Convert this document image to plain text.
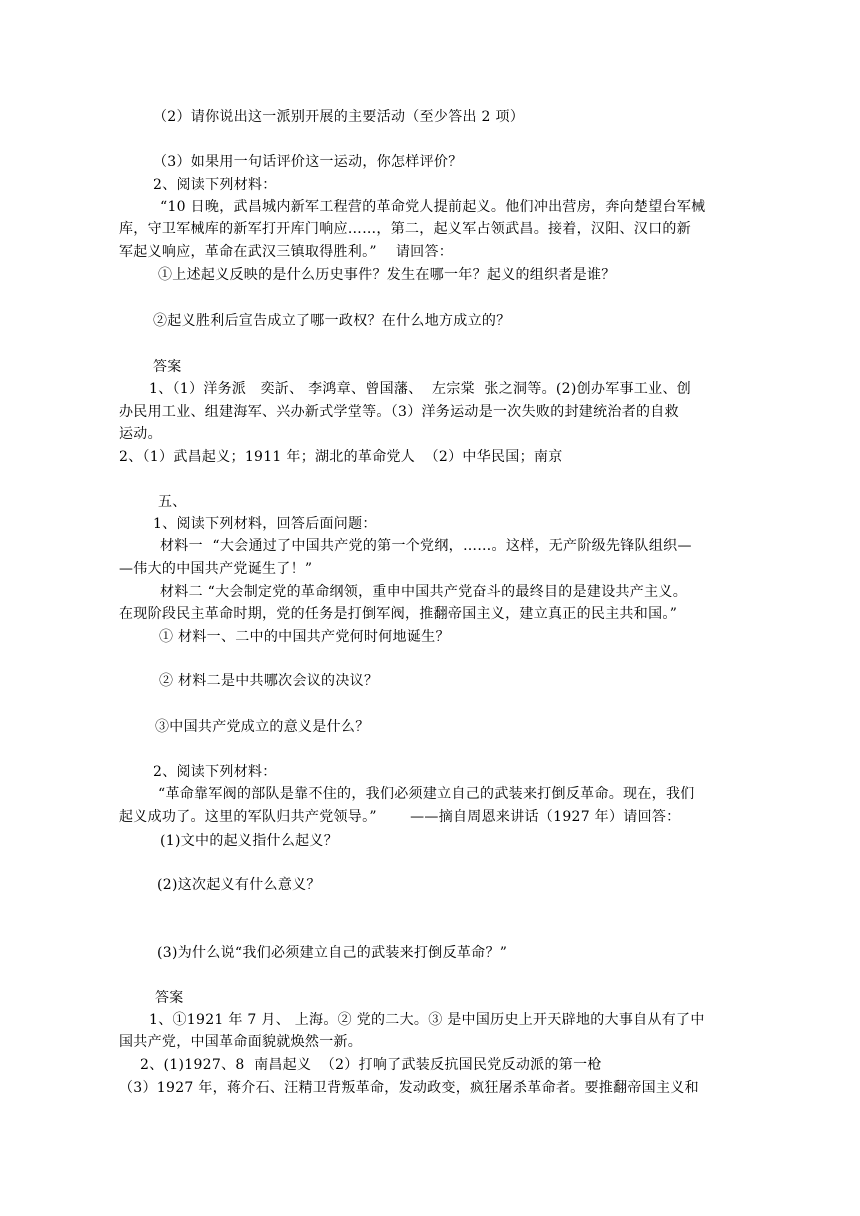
（2）请你说出这一派别开展的主要活动（至少答出 2 项）
（3）如果用一句话评价这一运动，你怎样评价？
2、阅读下列材料：
“10 日晚，武昌城内新军工程营的革命党人提前起义。他们冲出营房，奔向楚望台军械
库，守卫军械库的新军打开库门响应……，第二，起义军占领武昌。接着，汉阳、汉口的新
军起义响应，革命在武汉三镇取得胜利。”    请回答：
①上述起义反映的是什么历史事件？发生在哪一年？起义的组织者是谁？
②起义胜利后宣告成立了哪一政权？在什么地方成立的？
答案
1、（1）洋务派   奕訢、 李鸿章、曾国藩、  左宗棠  张之洞等。(2)创办军事工业、创
办民用工业、组建海军、兴办新式学堂等。（3）洋务运动是一次失败的封建统治者的自救
运动。
2、（1）武昌起义；1911 年；湖北的革命党人  （2）中华民国；南京
五、
1、阅读下列材料，回答后面问题：
材料一  “大会通过了中国共产党的第一个党纲，……。这样，无产阶级先锋队组织—
—伟大的中国共产党诞生了！”
材料二 “大会制定党的革命纲领，重申中国共产党奋斗的最终目的是建设共产主义。
在现阶段民主革命时期，党的任务是打倒军阀，推翻帝国主义，建立真正的民主共和国。”
① 材料一、二中的中国共产党何时何地诞生？
② 材料二是中共哪次会议的决议？
③中国共产党成立的意义是什么？
2、阅读下列材料：
“革命靠军阀的部队是靠不住的，我们必须建立自己的武装来打倒反革命。现在，我们
起义成功了。这里的军队归共产党领导。”       ——摘自周恩来讲话（1927 年）请回答：
(1)文中的起义指什么起义？
(2)这次起义有什么意义？
(3)为什么说“我们必须建立自己的武装来打倒反革命？”
答案
1、①1921 年 7 月、 上海。② 党的二大。③ 是中国历史上开天辟地的大事自从有了中
国共产党，中国革命面貌就焕然一新。
2、(1)1927、8  南昌起义  （2）打响了武装反抗国民党反动派的第一枪
（3）1927 年，蒋介石、汪精卫背叛革命，发动政变，疯狂屠杀革命者。要推翻帝国主义和
